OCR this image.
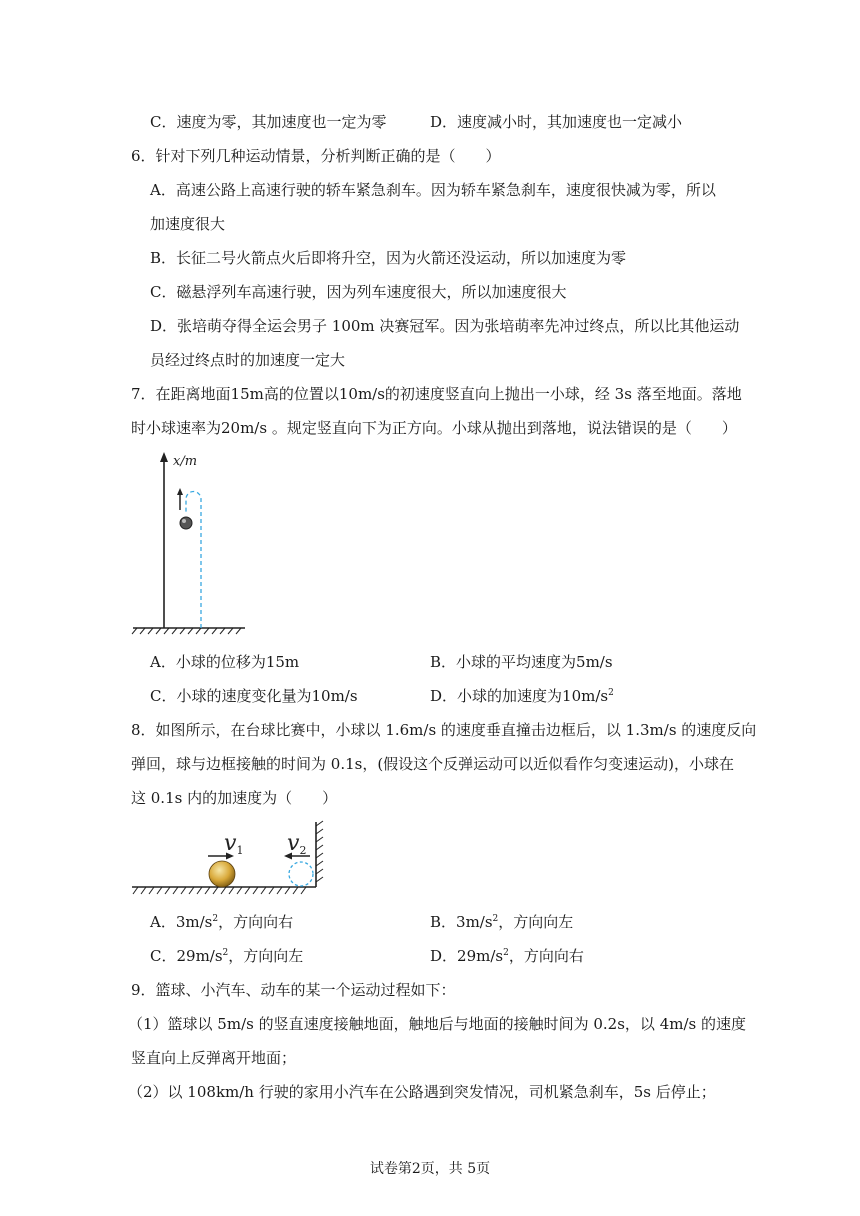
C．速度为零，其加速度也一定为零	D．速度减小时，其加速度也一定减小
6．针对下列几种运动情景，分析判断正确的是（　　）
A．高速公路上高速行驶的轿车紧急刹车。因为轿车紧急刹车，速度很快减为零，所以
加速度很大
B．长征二号火箭点火后即将升空，因为火箭还没运动，所以加速度为零
C．磁悬浮列车高速行驶，因为列车速度很大，所以加速度很大
D．张培萌夺得全运会男子 100m 决赛冠军。因为张培萌率先冲过终点，所以比其他运动
员经过终点时的加速度一定大
7．在距离地面15m高的位置以10m/s的初速度竖直向上抛出一小球，经 3s 落至地面。落地
时小球速率为20m/s 。规定竖直向下为正方向。小球从抛出到落地，说法错误的是（　　）
x/m
A．小球的位移为15m	B．小球的平均速度为5m/s
C．小球的速度变化量为10m/s	D．小球的加速度为$10m/s^2$
8．如图所示，在台球比赛中，小球以 1.6m/s 的速度垂直撞击边框后，以 1.3m/s 的速度反向
弹回，球与边框接触的时间为 0.1s，(假设这个反弹运动可以近似看作匀变速运动)，小球在
这 0.1s 内的加速度为（　　）
v1 v2
A．$3m/s^2$，方向向右	B．$3m/s^2$，方向向左
C．$29m/s^2$，方向向左	D．$29m/s^2$，方向向右
9．篮球、小汽车、动车的某一个运动过程如下：
（1）篮球以 5m/s 的竖直速度接触地面，触地后与地面的接触时间为 0.2s，以 4m/s 的速度
竖直向上反弹离开地面；
（2）以 108km/h 行驶的家用小汽车在公路遇到突发情况，司机紧急刹车，5s 后停止；
试卷第2页，共 5页
